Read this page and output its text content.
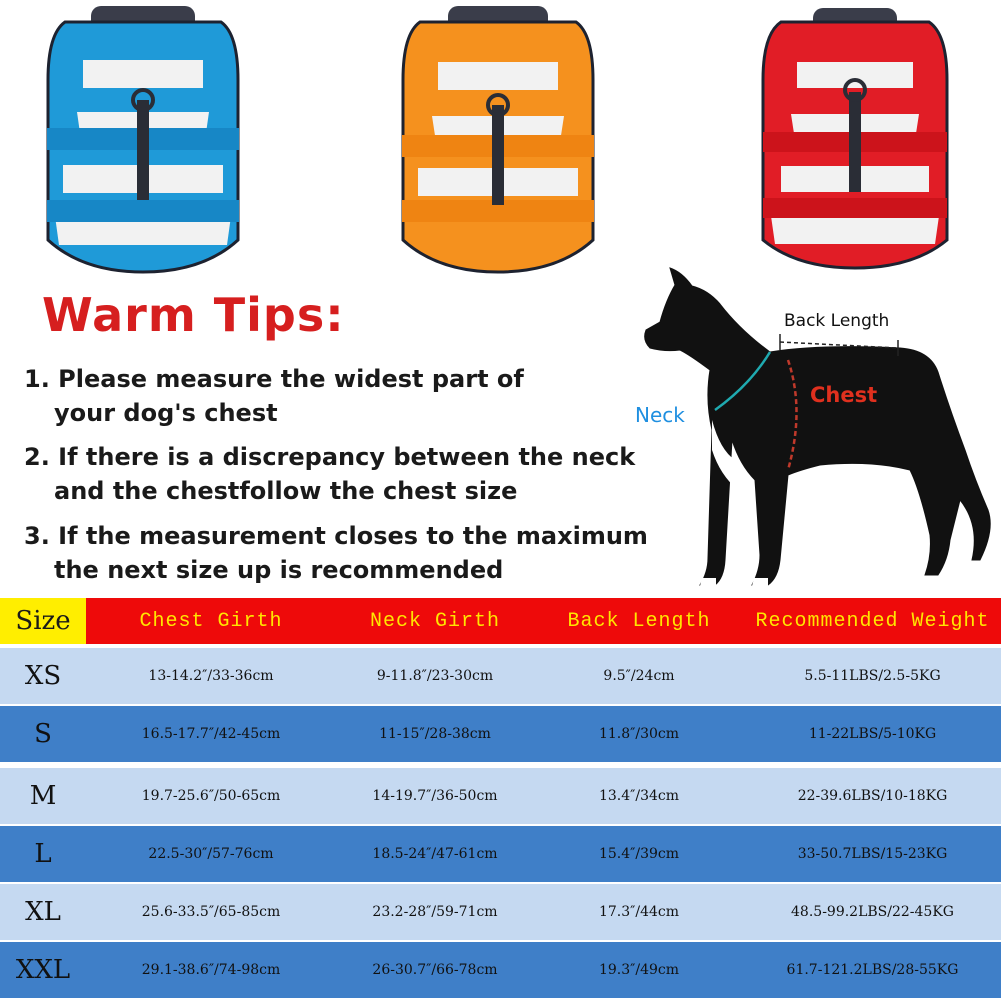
Warm Tips:
1. Please measure the widest part of
your dog's chest
2. If there is a discrepancy between the neck
and the chestfollow the chest size
3. If the measurement closes to the maximum
the next size up is recommended
Back Length
Chest
Neck
Size	Chest Girth	Neck Girth	Back Length	Recommended Weight
XS	13-14.2″/33-36cm	9-11.8″/23-30cm	9.5″/24cm	5.5-11LBS/2.5-5KG
S	16.5-17.7″/42-45cm	11-15″/28-38cm	11.8″/30cm	11-22LBS/5-10KG
M	19.7-25.6″/50-65cm	14-19.7″/36-50cm	13.4″/34cm	22-39.6LBS/10-18KG
L	22.5-30″/57-76cm	18.5-24″/47-61cm	15.4″/39cm	33-50.7LBS/15-23KG
XL	25.6-33.5″/65-85cm	23.2-28″/59-71cm	17.3″/44cm	48.5-99.2LBS/22-45KG
XXL	29.1-38.6″/74-98cm	26-30.7″/66-78cm	19.3″/49cm	61.7-121.2LBS/28-55KG
